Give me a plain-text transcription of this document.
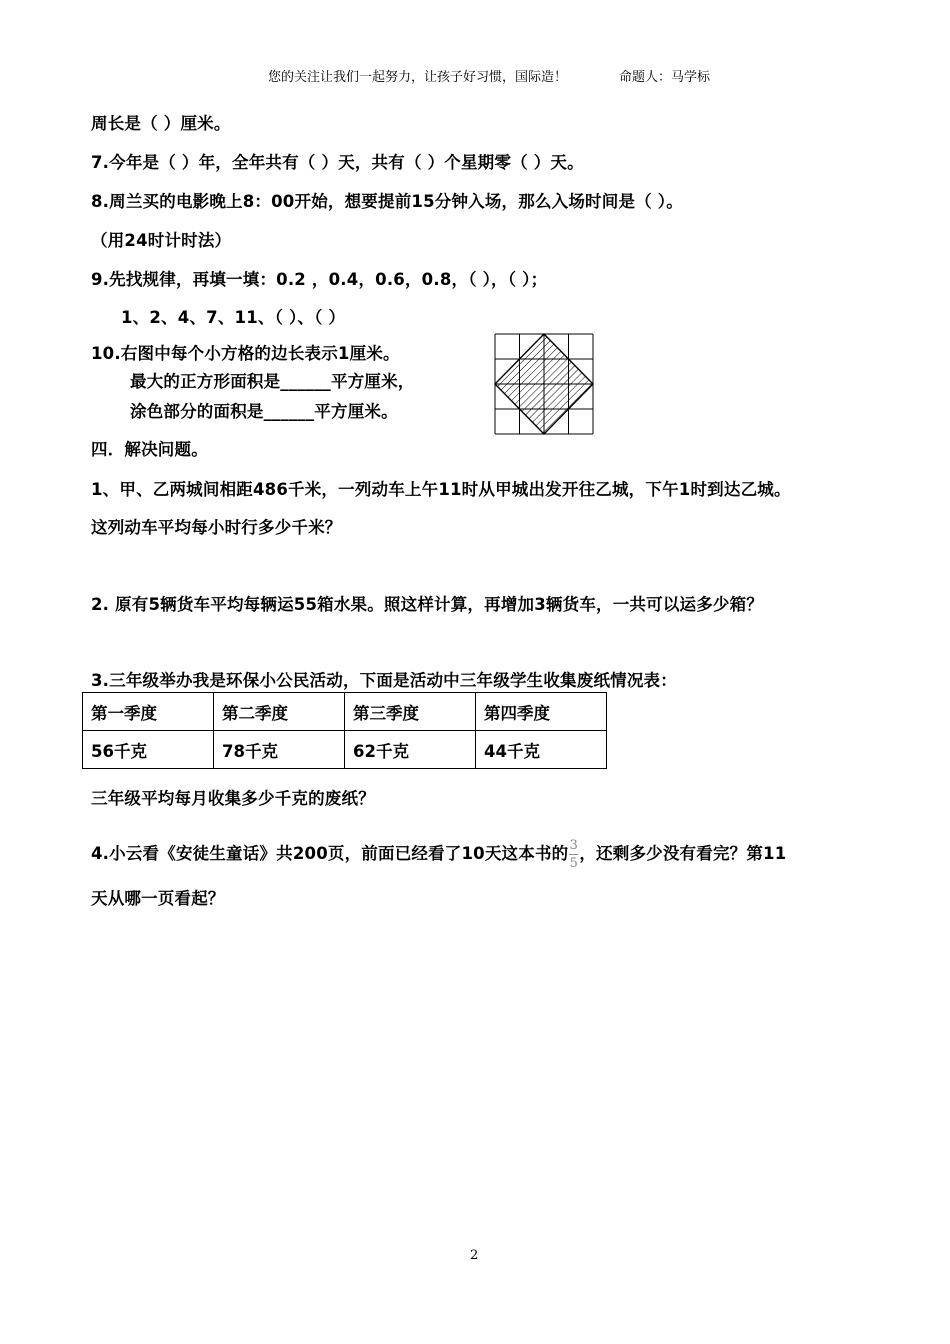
您的关注让我们一起努力，让孩子好习惯，国际造！	命题人：马学标
周长是（ ）厘米。
7.今年是（ ）年，全年共有（ ）天，共有（ ）个星期零（ ）天。
8.周兰买的电影晚上8：00开始，想要提前15分钟入场，那么入场时间是（ ）。
（用24时计时法）
9.先找规律，再填一填：0.2 ，0.4，0.6，0.8，（ ），（ ）；
1、2、4、7、11、（ ）、（ ）
10.右图中每个小方格的边长表示1厘米。
最大的正方形面积是______平方厘米，
涂色部分的面积是______平方厘米。
四．解决问题。
1、甲、乙两城间相距486千米，一列动车上午11时从甲城出发开往乙城，下午1时到达乙城。
这列动车平均每小时行多少千米？
2. 原有5辆货车平均每辆运55箱水果。照这样计算，再增加3辆货车，一共可以运多少箱？
3.三年级举办我是环保小公民活动，下面是活动中三年级学生收集废纸情况表：
第一季度	第二季度	第三季度	第四季度
56千克	78千克	62千克	44千克
三年级平均每月收集多少千克的废纸？
4.小云看《安徒生童话》共200页，前面已经看了10天这本书的 $\frac{3}{5}$ ，还剩多少没有看完？第11
天从哪一页看起？
2
